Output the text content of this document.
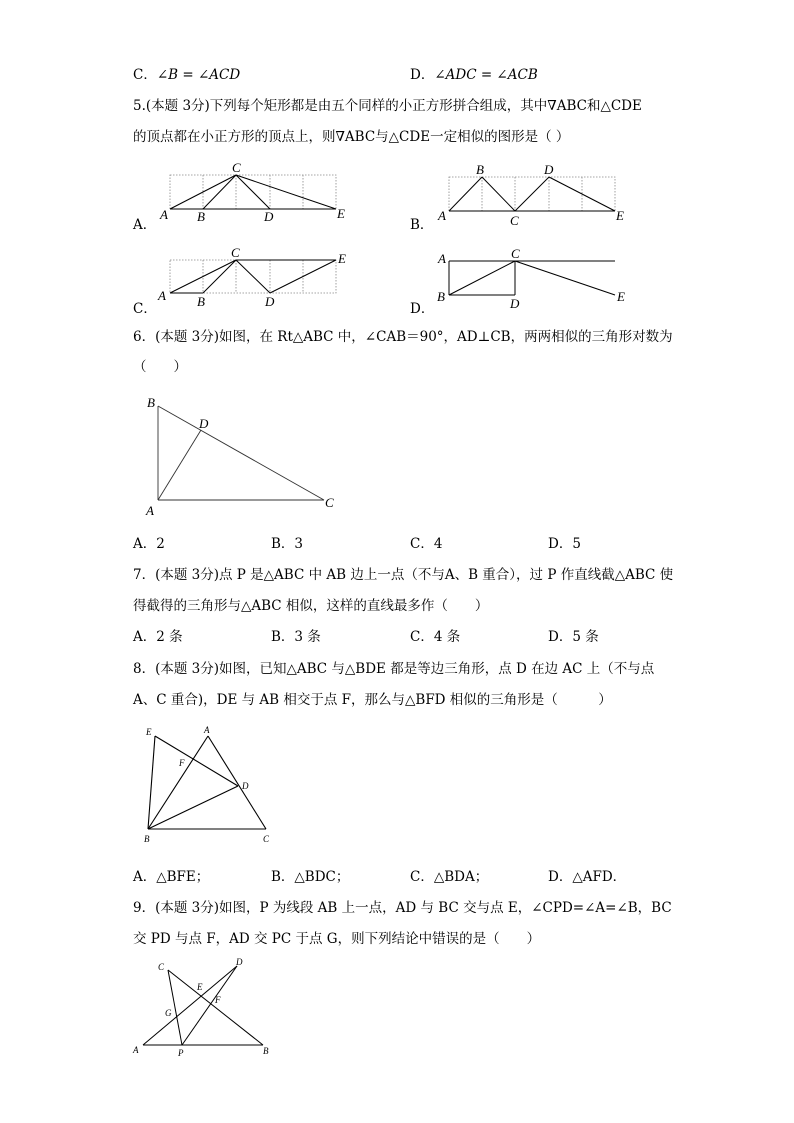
C．∠B = ∠ACD	D．∠ADC = ∠ACB
5.(本题 3分)下列每个矩形都是由五个同样的小正方形拼合组成，其中∇ABC和△CDE
的顶点都在小正方形的顶点上，则∇ABC与△CDE一定相似的图形是（ ）
A．	B．
C．	D．
C
A B	D	E
B	D
A	C	E
C	E
A B	D
A	C
B	D	E
6．(本题 3分)如图，在 Rt△ABC 中，∠CAB＝90°，AD⊥CB，两两相似的三角形对数为
（　　）
B
D
A
C
A．2	B．3	C．4	D．5
7．(本题 3分)点 P 是△ABC 中 AB 边上一点（不与A、B 重合），过 P 作直线截△ABC 使
得截得的三角形与△ABC 相似，这样的直线最多作（　　）
A．2 条	B．3 条	C．4 条	D．5 条
8．(本题 3分)如图，已知△ABC 与△BDE 都是等边三角形，点 D 在边 AC 上（不与点
A、C 重合)，DE 与 AB 相交于点 F，那么与△BFD 相似的三角形是（　　　）
E	A
F
D
B	C
A．△BFE；	B．△BDC；	C．△BDA；	D．△AFD．
9．(本题 3分)如图，P 为线段 AB 上一点，AD 与 BC 交与点 E，∠CPD=∠A=∠B，BC
交 PD 与点 F，AD 交 PC 于点 G，则下列结论中错误的是（　　）
C	D
E
F
G
A	P	B
